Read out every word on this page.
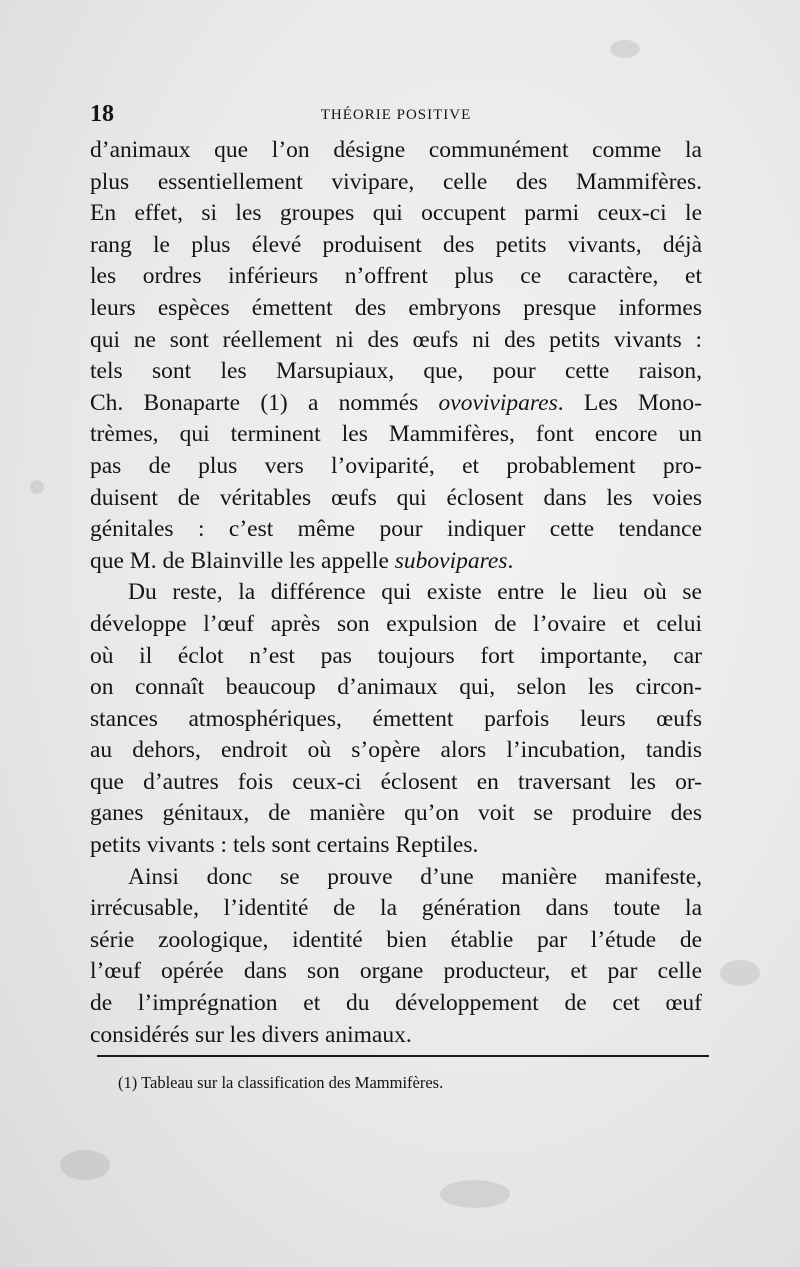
18	THÉORIE POSITIVE
d’animaux que l’on désigne communément comme la
plus essentiellement vivipare, celle des Mammifères.
En effet, si les groupes qui occupent parmi ceux-ci le
rang le plus élevé produisent des petits vivants, déjà
les ordres inférieurs n’offrent plus ce caractère, et
leurs espèces émettent des embryons presque informes
qui ne sont réellement ni des œufs ni des petits vivants :
tels sont les Marsupiaux, que, pour cette raison,
Ch. Bonaparte (1) a nommés ovovivipares. Les Mono-
trèmes, qui terminent les Mammifères, font encore un
pas de plus vers l’oviparité, et probablement pro-
duisent de véritables œufs qui éclosent dans les voies
génitales : c’est même pour indiquer cette tendance
que M. de Blainville les appelle subovipares.
Du reste, la différence qui existe entre le lieu où se
développe l’œuf après son expulsion de l’ovaire et celui
où il éclot n’est pas toujours fort importante, car
on connaît beaucoup d’animaux qui, selon les circon-
stances atmosphériques, émettent parfois leurs œufs
au dehors, endroit où s’opère alors l’incubation, tandis
que d’autres fois ceux-ci éclosent en traversant les or-
ganes génitaux, de manière qu’on voit se produire des
petits vivants : tels sont certains Reptiles.
Ainsi donc se prouve d’une manière manifeste,
irrécusable, l’identité de la génération dans toute la
série zoologique, identité bien établie par l’étude de
l’œuf opérée dans son organe producteur, et par celle
de l’imprégnation et du développement de cet œuf
considérés sur les divers animaux.
(1) Tableau sur la classification des Mammifères.
